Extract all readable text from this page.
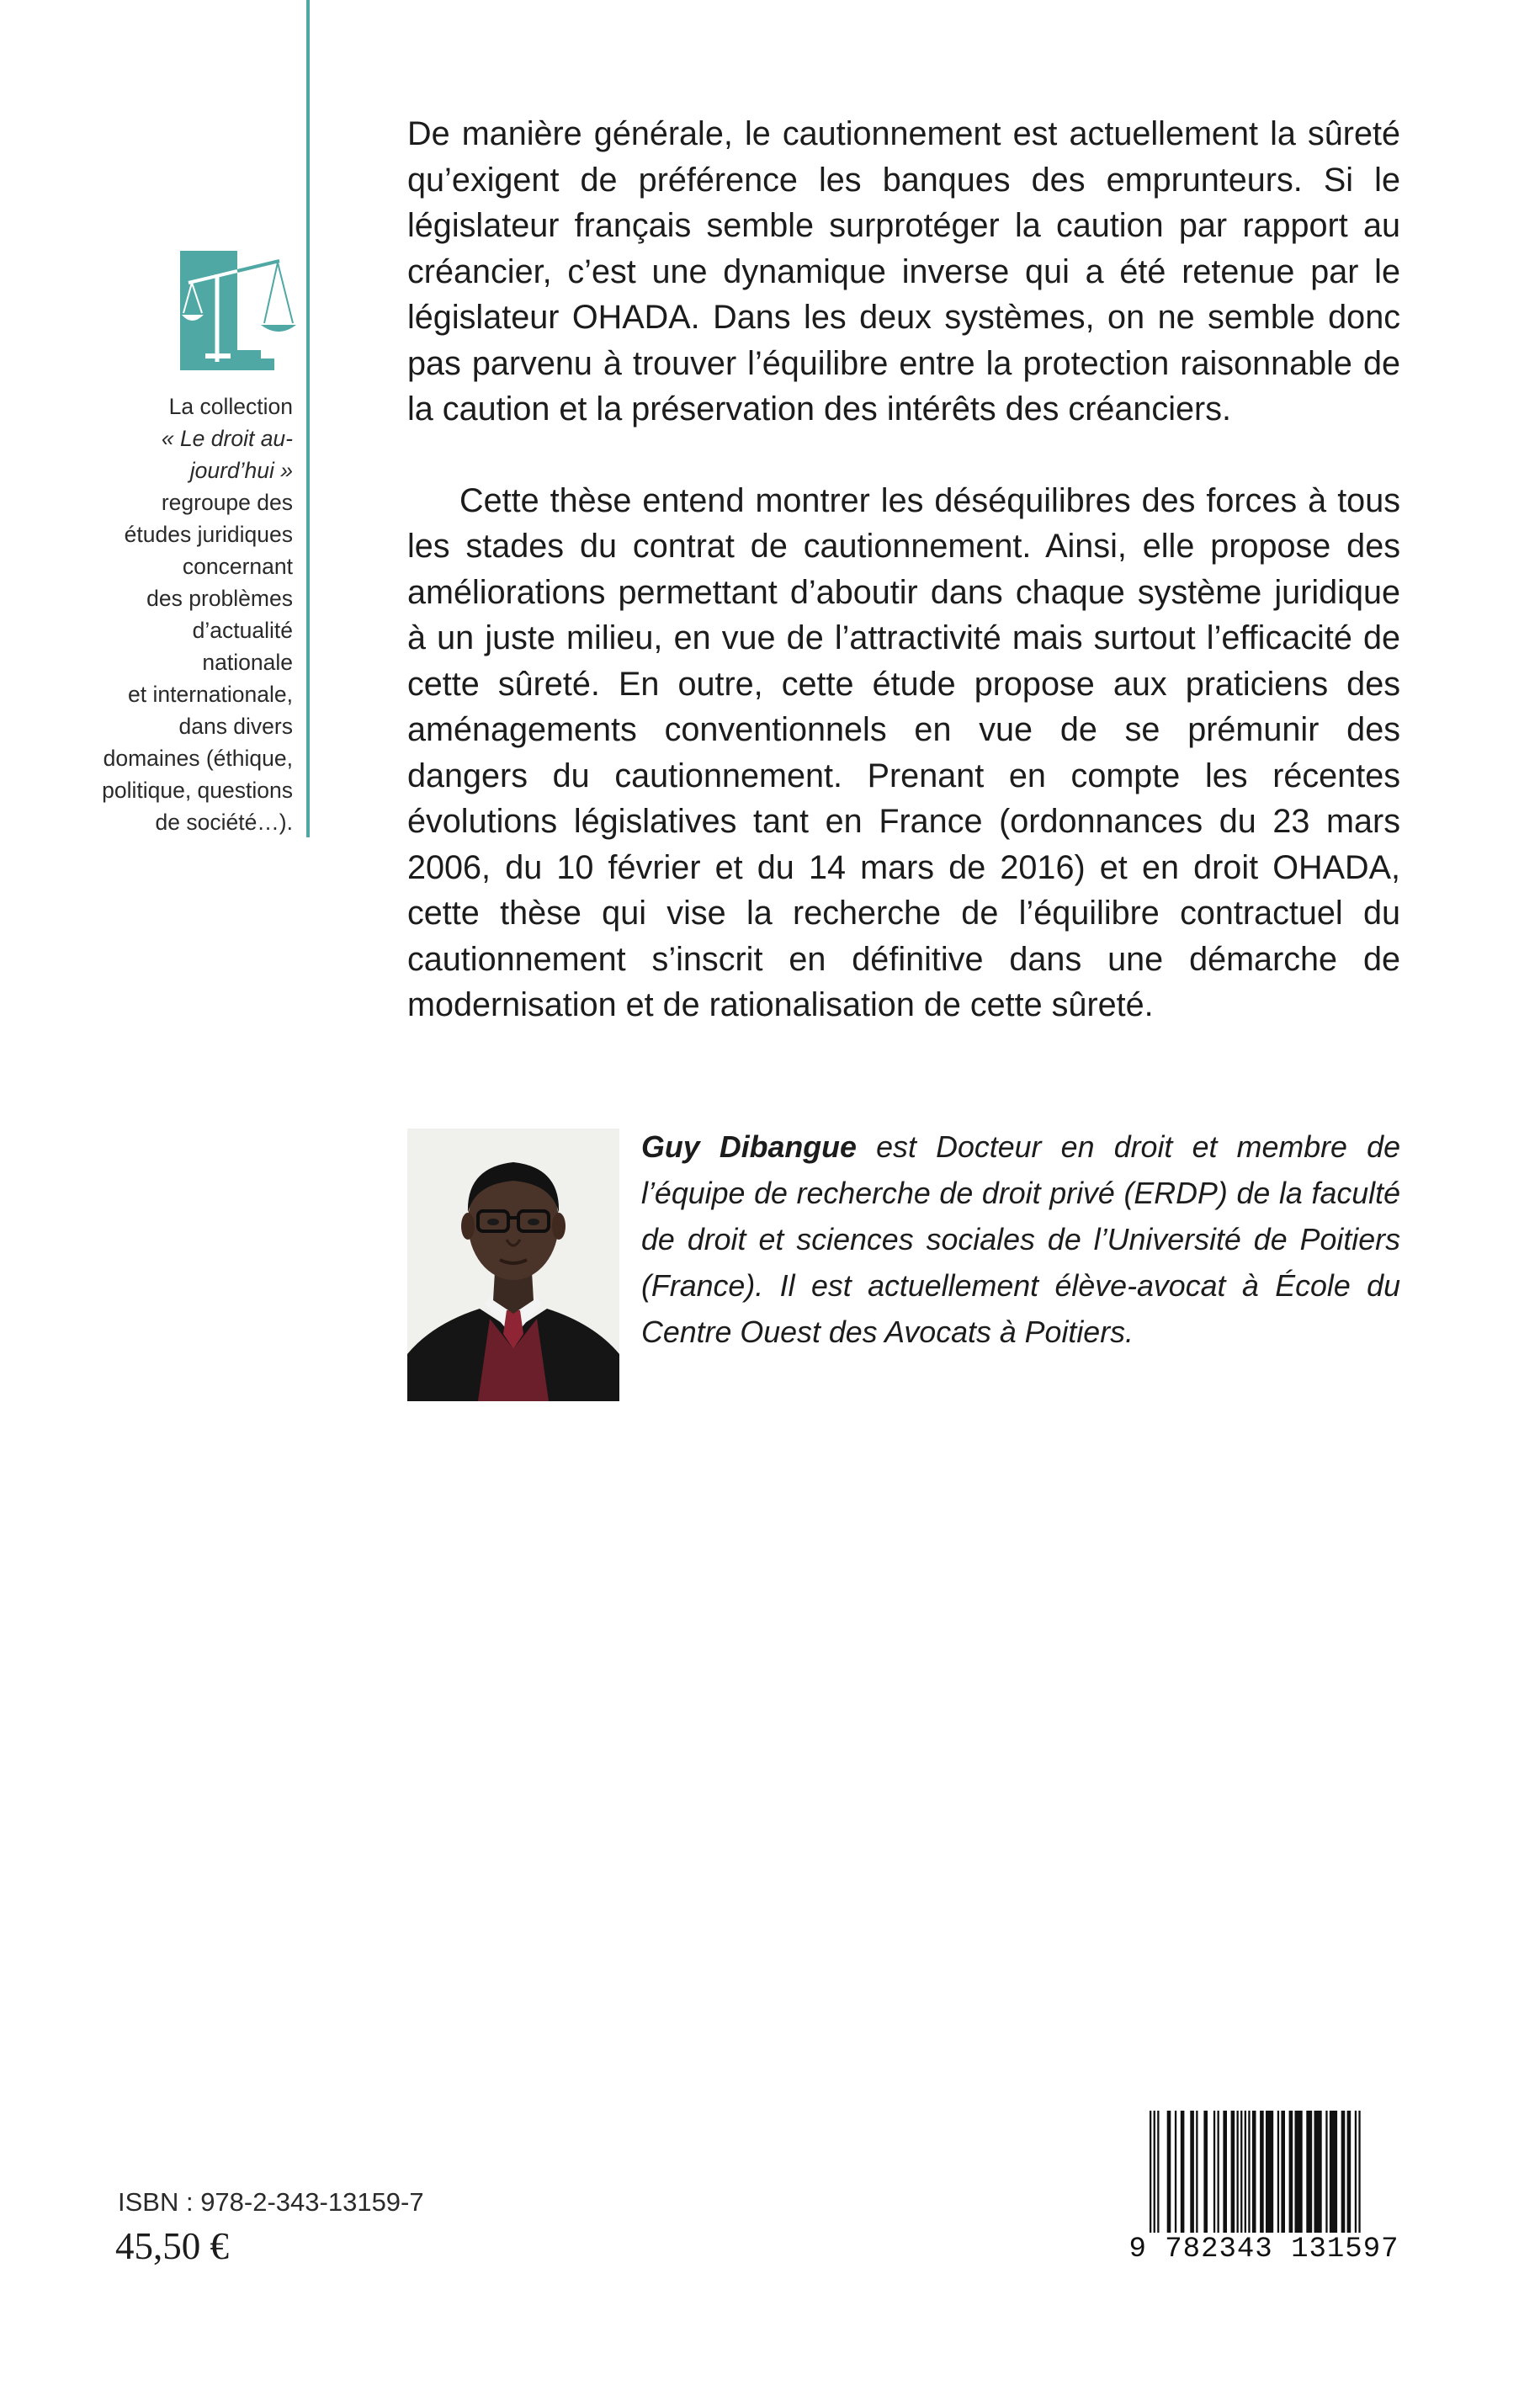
La collection
« Le droit au-
jourd’hui »
regroupe des
études juridiques
concernant
des problèmes
d’actualité
nationale
et internationale,
dans divers
domaines (éthique,
politique, questions
de société…).

De manière générale, le cautionnement est actuellement la sûreté qu’exigent de préférence les banques des emprunteurs. Si le législateur français semble surprotéger la caution par rapport au créancier, c’est une dynamique inverse qui a été retenue par le législateur OHADA. Dans les deux systèmes, on ne semble donc pas parvenu à trouver l’équilibre entre la protection raisonnable de la caution et la préservation des intérêts des créanciers.

Cette thèse entend montrer les déséquilibres des forces à tous les stades du contrat de cautionnement. Ainsi, elle propose des améliorations permettant d’aboutir dans chaque système juridique à un juste milieu, en vue de l’attractivité mais surtout l’efficacité de cette sûreté. En outre, cette étude propose aux praticiens des aménagements conventionnels en vue de se prémunir des dangers du cautionnement. Prenant en compte les récentes évolutions législatives tant en France (ordonnances du 23 mars 2006, du 10 février et du 14 mars de 2016) et en droit OHADA, cette thèse qui vise la recherche de l’équilibre contractuel du cautionnement s’inscrit en définitive dans une démarche de modernisation et de rationalisation de cette sûreté.

Guy Dibangue est Docteur en droit et membre de l’équipe de recherche de droit privé (ERDP) de la faculté de droit et sciences sociales de l’Université de Poitiers (France). Il est actuellement élève-avocat à École du Centre Ouest des Avocats à Poitiers.
ISBN : 978-2-343-13159-7
45,50 €	9 782343 131597
